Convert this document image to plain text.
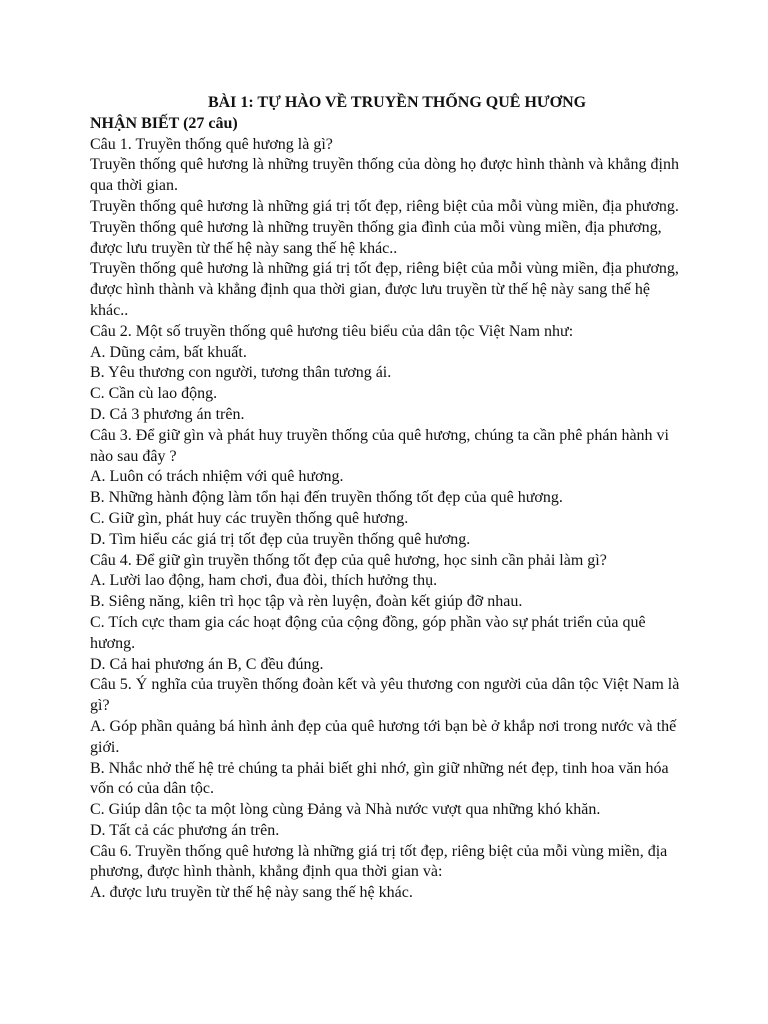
BÀI 1: TỰ HÀO VỀ TRUYỀN THỐNG QUÊ HƯƠNG

NHẬN BIẾT (27 câu)

Câu 1. Truyền thống quê hương là gì?

Truyền thống quê hương là những truyền thống của dòng họ được hình thành và khẳng định qua thời gian.

Truyền thống quê hương là những giá trị tốt đẹp, riêng biệt của mỗi vùng miền, địa phương.

Truyền thống quê hương là những truyền thống gia đình của mỗi vùng miền, địa phương, được lưu truyền từ thế hệ này sang thế hệ khác..

Truyền thống quê hương là những giá trị tốt đẹp, riêng biệt của mỗi vùng miền, địa phương, được hình thành và khẳng định qua thời gian, được lưu truyền từ thế hệ này sang thế hệ khác..

Câu 2. Một số truyền thống quê hương tiêu biểu của dân tộc Việt Nam như:

A. Dũng cảm, bất khuất.

B. Yêu thương con người, tương thân tương ái.

C. Cần cù lao động.

D. Cả 3 phương án trên.

Câu 3. Để giữ gìn và phát huy truyền thống của quê hương, chúng ta cần phê phán hành vi nào sau đây ?

A. Luôn có trách nhiệm với quê hương.

B. Những hành động làm tổn hại đến truyền thống tốt đẹp của quê hương.

C. Giữ gìn, phát huy các truyền thống quê hương.

D. Tìm hiểu các giá trị tốt đẹp của truyền thống quê hương.

Câu 4. Để giữ gìn truyền thống tốt đẹp của quê hương, học sinh cần phải làm gì?

A. Lười lao động, ham chơi, đua đòi, thích hưởng thụ.

B. Siêng năng, kiên trì học tập và rèn luyện, đoàn kết giúp đỡ nhau.

C. Tích cực tham gia các hoạt động của cộng đồng, góp phần vào sự phát triển của quê hương.

D. Cả hai phương án B, C đều đúng.

Câu 5. Ý nghĩa của truyền thống đoàn kết và yêu thương con người của dân tộc Việt Nam là gì?

A. Góp phần quảng bá hình ảnh đẹp của quê hương tới bạn bè ở khắp nơi trong nước và thế giới.

B. Nhắc nhở thế hệ trẻ chúng ta phải biết ghi nhớ, gìn giữ những nét đẹp, tinh hoa văn hóa vốn có của dân tộc.

C. Giúp dân tộc ta một lòng cùng Đảng và Nhà nước vượt qua những khó khăn.

D. Tất cả các phương án trên.

Câu 6. Truyền thống quê hương là những giá trị tốt đẹp, riêng biệt của mỗi vùng miền, địa phương, được hình thành, khẳng định qua thời gian và:

A. được lưu truyền từ thế hệ này sang thế hệ khác.
